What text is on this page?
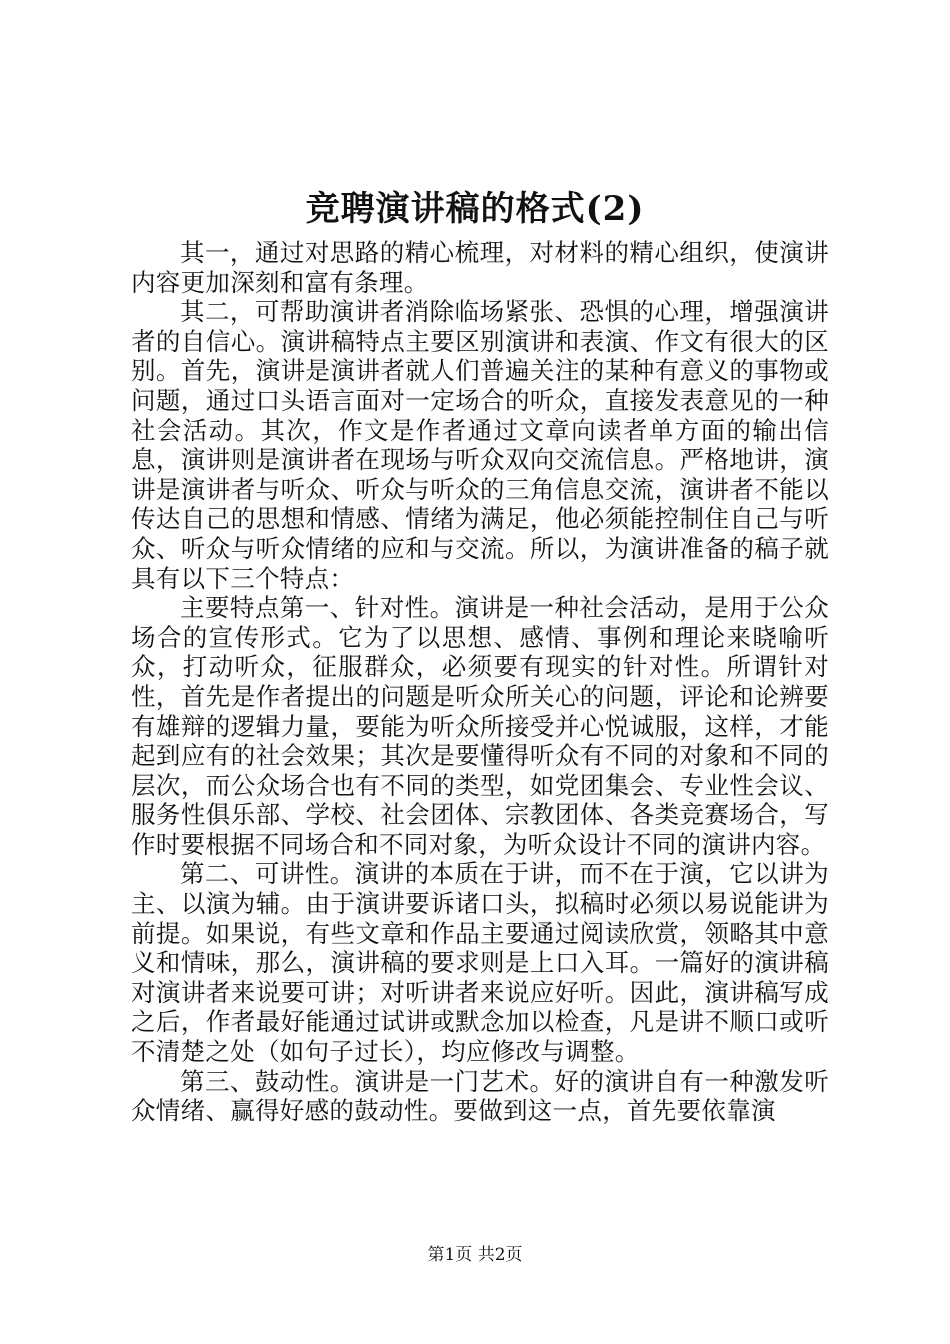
竞聘演讲稿的格式(2)

其一，通过对思路的精心梳理，对材料的精心组织，使演讲内容更加深刻和富有条理。

其二，可帮助演讲者消除临场紧张、恐惧的心理，增强演讲者的自信心。演讲稿特点主要区别演讲和表演、作文有很大的区别。首先，演讲是演讲者就人们普遍关注的某种有意义的事物或问题，通过口头语言面对一定场合的听众，直接发表意见的一种社会活动。其次，作文是作者通过文章向读者单方面的输出信息，演讲则是演讲者在现场与听众双向交流信息。严格地讲，演讲是演讲者与听众、听众与听众的三角信息交流，演讲者不能以传达自己的思想和情感、情绪为满足，他必须能控制住自己与听众、听众与听众情绪的应和与交流。所以，为演讲准备的稿子就具有以下三个特点：

主要特点第一、针对性。演讲是一种社会活动，是用于公众场合的宣传形式。它为了以思想、感情、事例和理论来晓喻听众，打动听众，征服群众，必须要有现实的针对性。所谓针对性，首先是作者提出的问题是听众所关心的问题，评论和论辨要有雄辩的逻辑力量，要能为听众所接受并心悦诚服，这样，才能起到应有的社会效果；其次是要懂得听众有不同的对象和不同的层次，而公众场合也有不同的类型，如党团集会、专业性会议、服务性俱乐部、学校、社会团体、宗教团体、各类竞赛场合，写作时要根据不同场合和不同对象，为听众设计不同的演讲内容。

第二、可讲性。演讲的本质在于讲，而不在于演，它以讲为主、以演为辅。由于演讲要诉诸口头，拟稿时必须以易说能讲为前提。如果说，有些文章和作品主要通过阅读欣赏，领略其中意义和情味，那么，演讲稿的要求则是上口入耳。一篇好的演讲稿对演讲者来说要可讲；对听讲者来说应好听。因此，演讲稿写成之后，作者最好能通过试讲或默念加以检查，凡是讲不顺口或听不清楚之处（如句子过长），均应修改与调整。

第三、鼓动性。演讲是一门艺术。好的演讲自有一种激发听众情绪、赢得好感的鼓动性。要做到这一点，首先要依靠演

第1页 共2页
